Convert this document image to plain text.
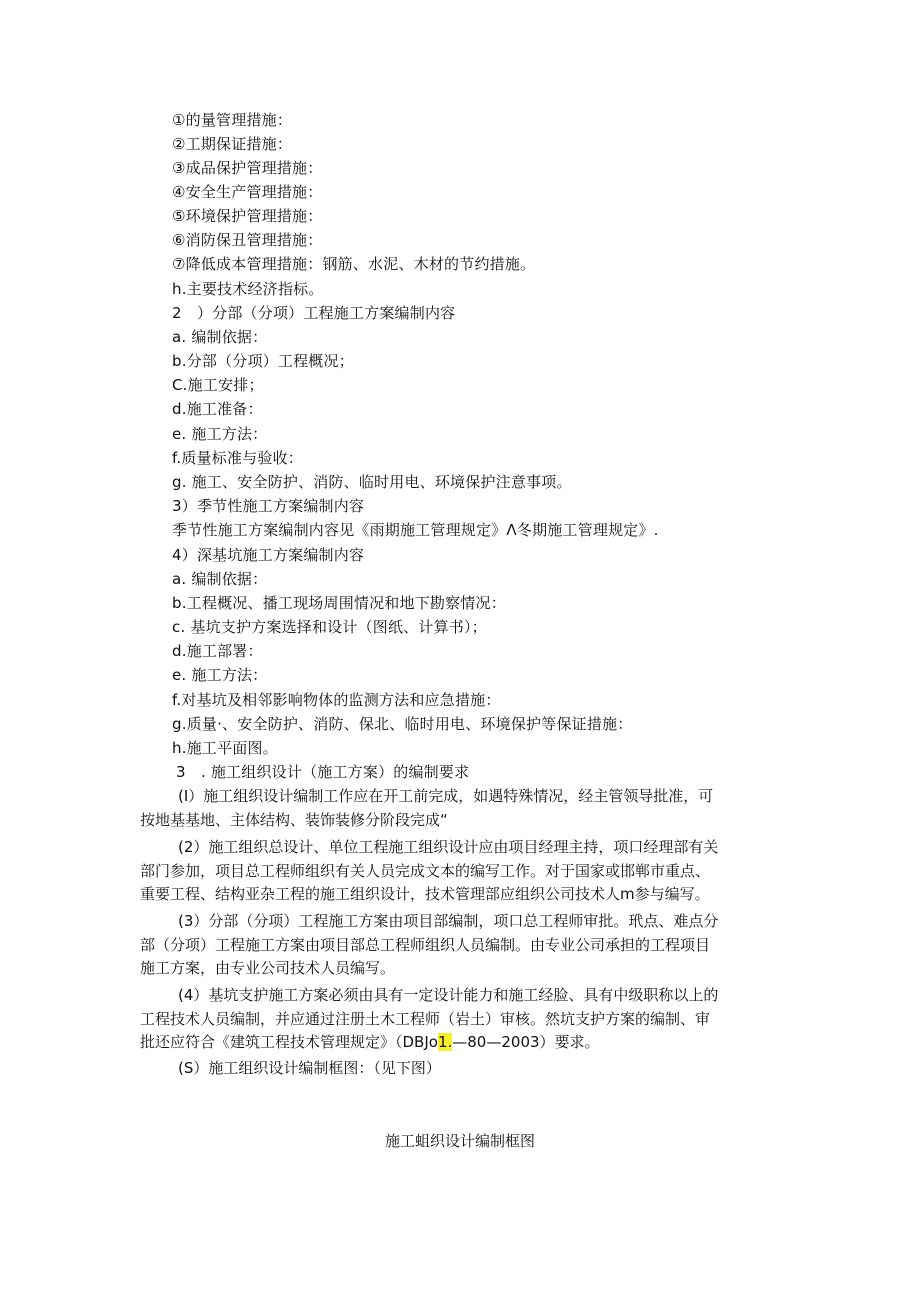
①的量管理措施：
②工期保证措施：
③成品保护管理措施：
④安全生产管理措施：
⑤环境保护管理措施：
⑥消防保丑管理措施：
⑦降低成本管理措施：钢筋、水泥、木材的节约措施。
h.主要技术经济指标。
2　）分部（分项）工程施工方案编制内容
a. 编制依据：
b.分部（分项）工程概况；
C.施工安排；
d.施工准备：
e. 施工方法：
f.质量标准与验收：
g. 施工、安全防护、消防、临时用电、环境保护注意事项。
3）季节性施工方案编制内容
季节性施工方案编制内容见《雨期施工管理规定》Λ冬期施工管理规定》.
4）深基坑施工方案编制内容
a. 编制依据：
b.工程概况、播工现场周围情况和地下勘察情况：
c. 基坑支护方案选择和设计（图纸、计算书）；
d.施工部署：
e. 施工方法：
f.对基坑及相邻影响物体的监测方法和应急措施：
g.质量·、安全防护、消防、保北、临时用电、环境保护等保证措施：
h.施工平面图。
3　. 施工组织设计（施工方案）的编制要求
(I）施工组织设计编制工作应在开工前完成，如遇特殊情况，经主管领导批准，可
按地基基地、主体结构、装饰装修分阶段完成“
(2）施工组织总设计、单位工程施工组织设计应由项目经理主持，项口经理部有关
部门参加，项目总工程师组织有关人员完成文本的编写工作。对于国家或邯郸市重点、
重要工程、结构亚杂工程的施工组织设计，技术管理部应组织公司技术人m参与编写。
(3）分部（分项）工程施工方案由项目部编制，项口总工程师审批。玳点、难点分
部（分项）工程施工方案由项目部总工程师组织人员编制。由专业公司承担的工程项目
施工方案，由专业公司技术人员编写。
(4）基坑支护施工方案必须由具有一定设计能力和施工经脸、具有中级职称以上的
工程技术人员编制，并应通过注册土木工程师（岩土）审核。然坑支护方案的编制、审
批还应符合《建筑工程技术管理规定》（DBJo1.—80—2003）要求。
(S）施工组织设计编制框图：（见下图）
施工蛆织设计编制框图
